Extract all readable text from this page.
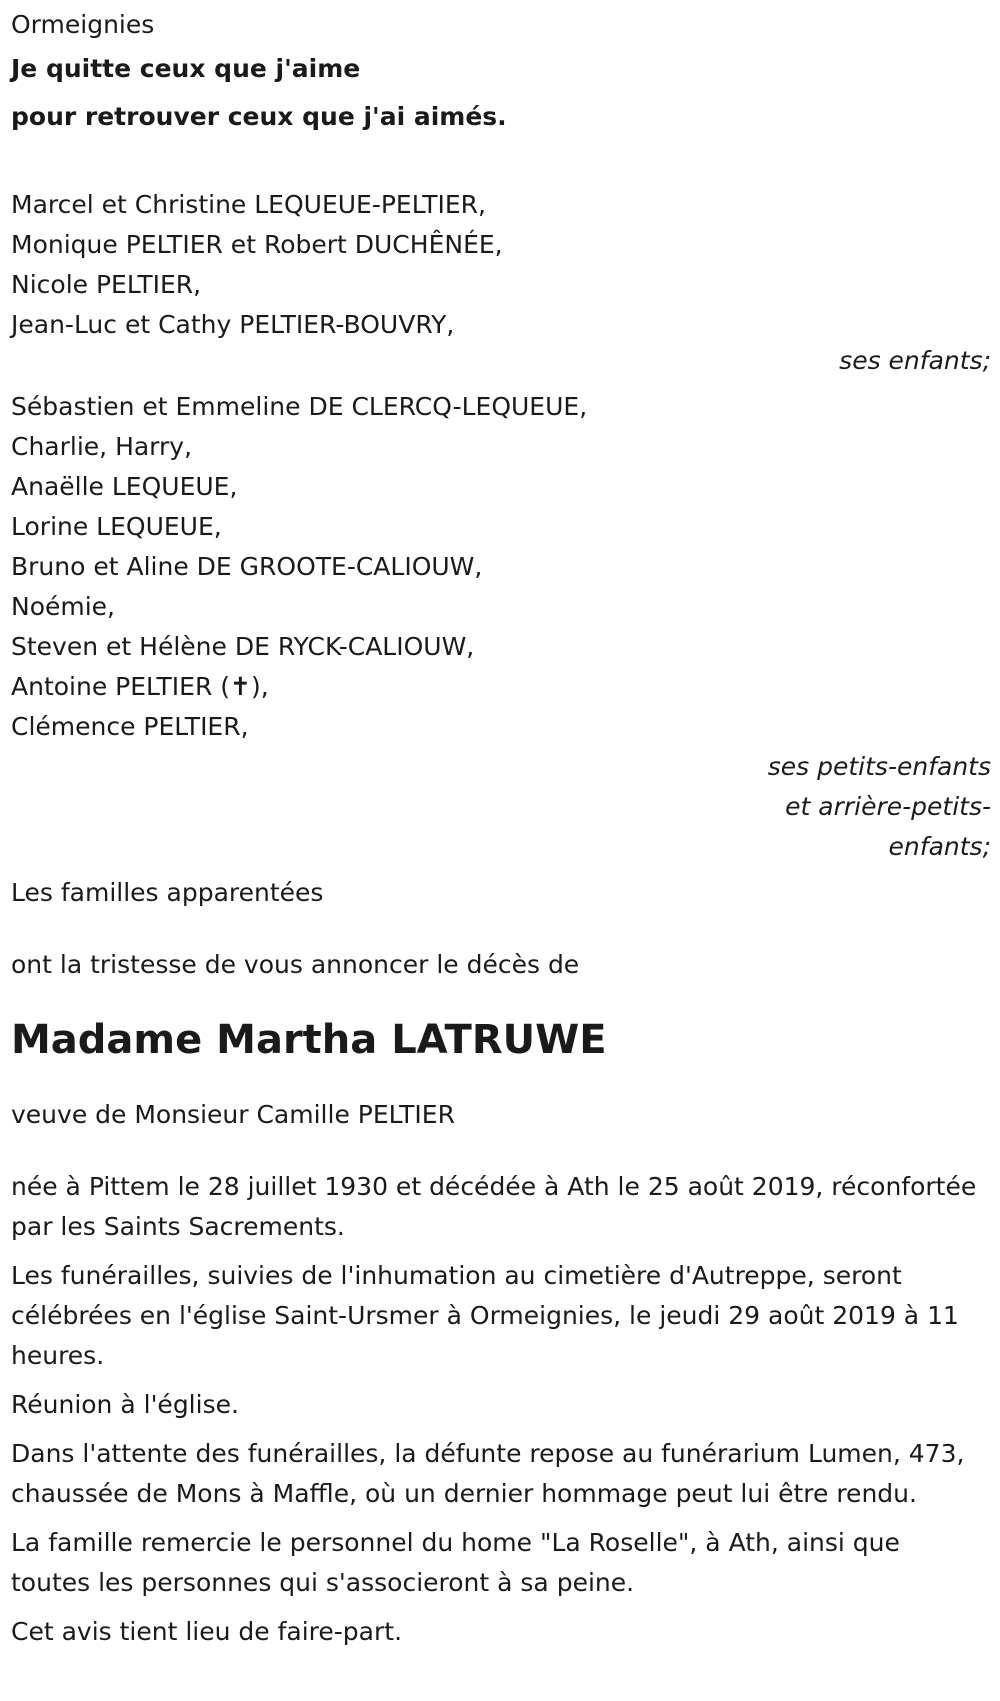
Ormeignies

Je quitte ceux que j'aime

pour retrouver ceux que j'ai aimés.

Marcel et Christine LEQUEUE-PELTIER,

Monique PELTIER et Robert DUCHÊNÉE,

Nicole PELTIER,

Jean-Luc et Cathy PELTIER-BOUVRY,

ses enfants;

Sébastien et Emmeline DE CLERCQ-LEQUEUE,

Charlie, Harry,

Anaëlle LEQUEUE,

Lorine LEQUEUE,

Bruno et Aline DE GROOTE-CALIOUW,

Noémie,

Steven et Hélène DE RYCK-CALIOUW,

Antoine PELTIER (✝),

Clémence PELTIER,

ses petits-enfants

et arrière-petits-

enfants;

Les familles apparentées

ont la tristesse de vous annoncer le décès de

Madame Martha LATRUWE

veuve de Monsieur Camille PELTIER

née à Pittem le 28 juillet 1930 et décédée à Ath le 25 août 2019, réconfortée par les Saints Sacrements.

Les funérailles, suivies de l'inhumation au cimetière d'Autreppe, seront célébrées en l'église Saint-Ursmer à Ormeignies, le jeudi 29 août 2019 à 11 heures.

Réunion à l'église.

Dans l'attente des funérailles, la défunte repose au funérarium Lumen, 473, chaussée de Mons à Maffle, où un dernier hommage peut lui être rendu.

La famille remercie le personnel du home "La Roselle", à Ath, ainsi que toutes les personnes qui s'associeront à sa peine.

Cet avis tient lieu de faire-part.
